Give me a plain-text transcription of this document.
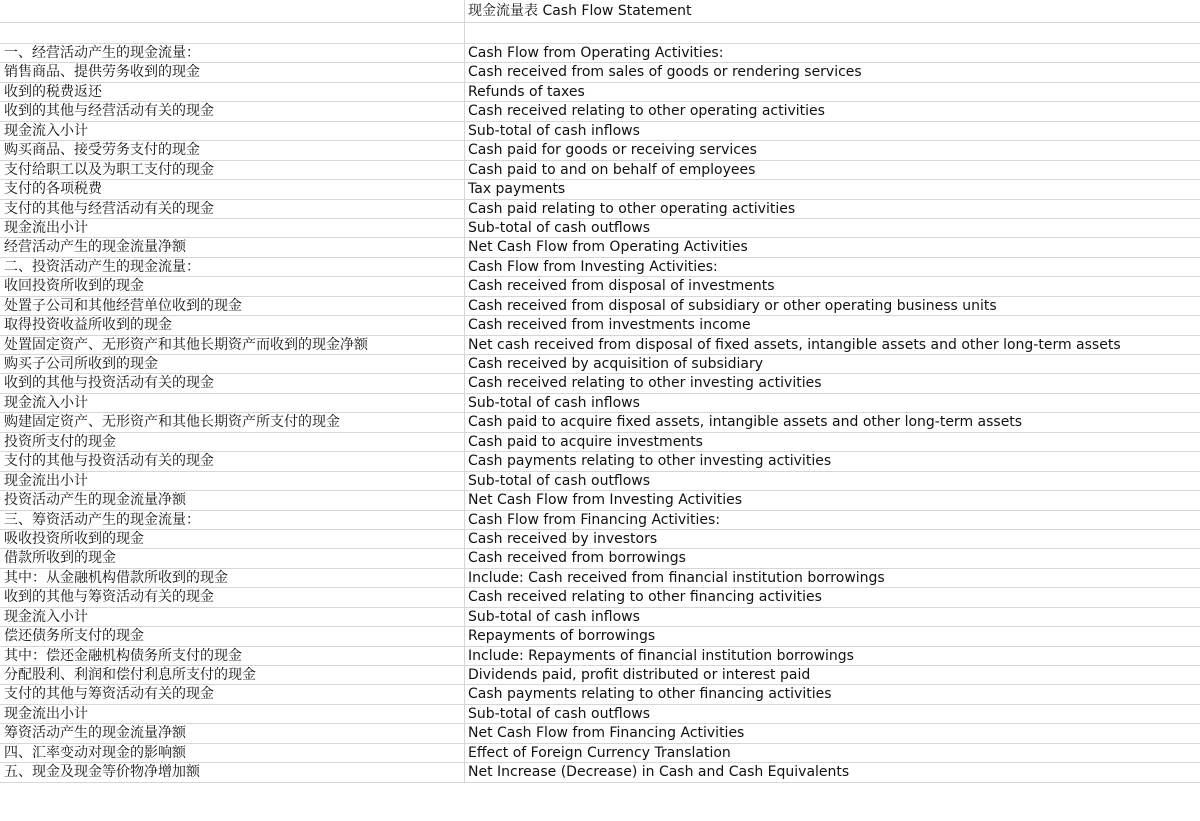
现金流量表 Cash Flow Statement
一、经营活动产生的现金流量：	Cash Flow from Operating Activities:
销售商品、提供劳务收到的现金	Cash received from sales of goods or rendering services
收到的税费返还	Refunds of taxes
收到的其他与经营活动有关的现金	Cash received relating to other operating activities
现金流入小计	Sub-total of cash inflows
购买商品、接受劳务支付的现金	Cash paid for goods or receiving services
支付给职工以及为职工支付的现金	Cash paid to and on behalf of employees
支付的各项税费	Tax payments
支付的其他与经营活动有关的现金	Cash paid relating to other operating activities
现金流出小计	Sub-total of cash outflows
经营活动产生的现金流量净额	Net Cash Flow from Operating Activities
二、投资活动产生的现金流量：	Cash Flow from Investing Activities:
收回投资所收到的现金	Cash received from disposal of investments
处置子公司和其他经营单位收到的现金	Cash received from disposal of subsidiary or other operating business units
取得投资收益所收到的现金	Cash received from investments income
处置固定资产、无形资产和其他长期资产而收到的现金净额	Net cash received from disposal of fixed assets, intangible assets and other long-term assets
购买子公司所收到的现金	Cash received by acquisition of subsidiary
收到的其他与投资活动有关的现金	Cash received relating to other investing activities
现金流入小计	Sub-total of cash inflows
购建固定资产、无形资产和其他长期资产所支付的现金	Cash paid to acquire fixed assets, intangible assets and other long-term assets
投资所支付的现金	Cash paid to acquire investments
支付的其他与投资活动有关的现金	Cash payments relating to other investing activities
现金流出小计	Sub-total of cash outflows
投资活动产生的现金流量净额	Net Cash Flow from Investing Activities
三、筹资活动产生的现金流量：	Cash Flow from Financing Activities:
吸收投资所收到的现金	Cash received by investors
借款所收到的现金	Cash received from borrowings
其中：从金融机构借款所收到的现金	Include: Cash received from financial institution borrowings
收到的其他与筹资活动有关的现金	Cash received relating to other financing activities
现金流入小计	Sub-total of cash inflows
偿还债务所支付的现金	Repayments of borrowings
其中：偿还金融机构债务所支付的现金	Include: Repayments of financial institution borrowings
分配股利、利润和偿付利息所支付的现金	Dividends paid, profit distributed or interest paid
支付的其他与筹资活动有关的现金	Cash payments relating to other financing activities
现金流出小计	Sub-total of cash outflows
筹资活动产生的现金流量净额	Net Cash Flow from Financing Activities
四、汇率变动对现金的影响额	Effect of Foreign Currency Translation
五、现金及现金等价物净增加额	Net Increase (Decrease) in Cash and Cash Equivalents
